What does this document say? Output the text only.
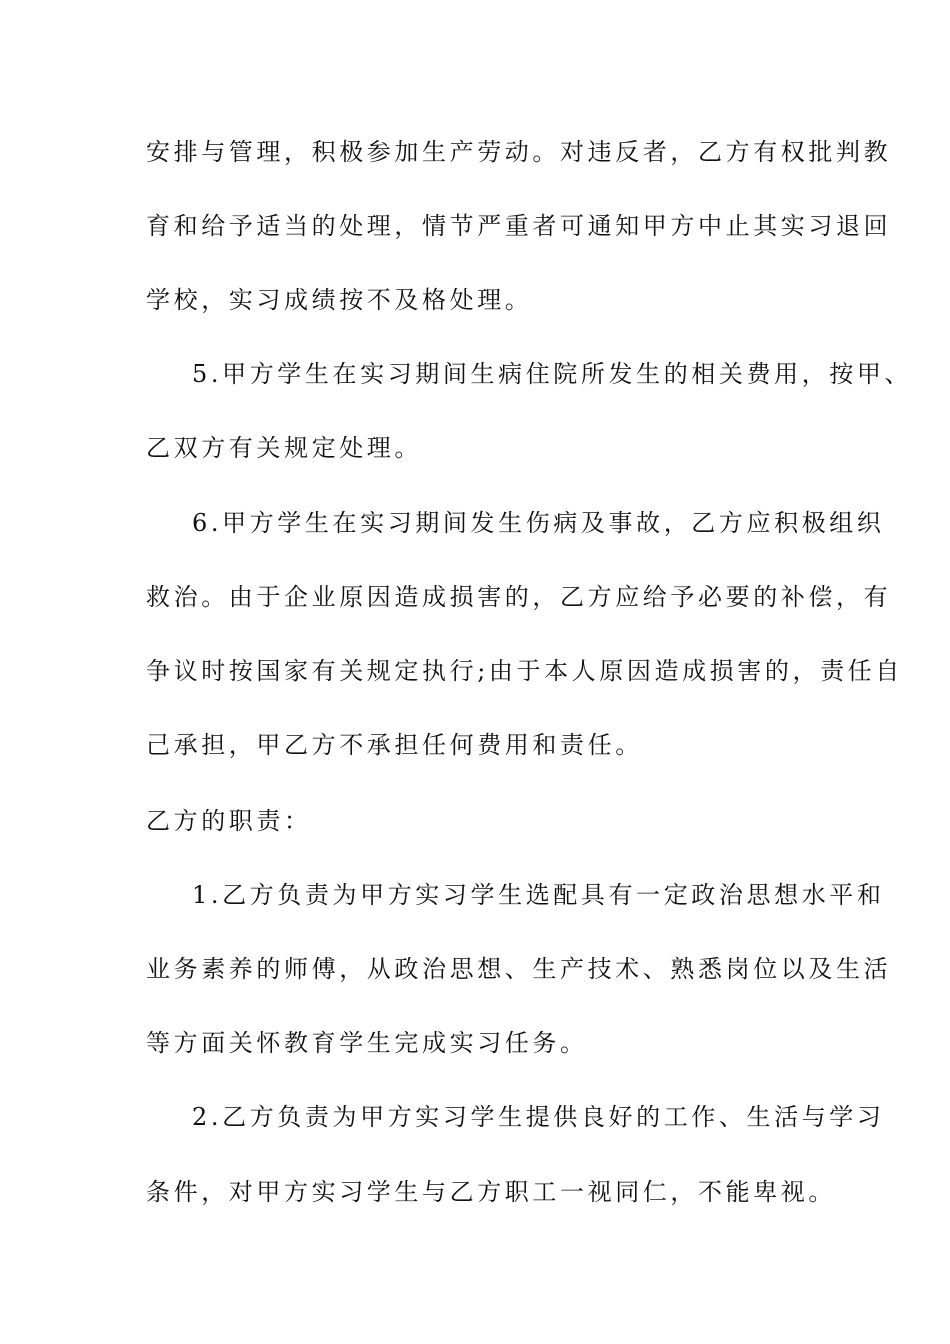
安排与管理，积极参加生产劳动。对违反者，乙方有权批判教
育和给予适当的处理，情节严重者可通知甲方中止其实习退回
学校，实习成绩按不及格处理。
5.甲方学生在实习期间生病住院所发生的相关费用，按甲、
乙双方有关规定处理。
6.甲方学生在实习期间发生伤病及事故，乙方应积极组织
救治。由于企业原因造成损害的，乙方应给予必要的补偿，有
争议时按国家有关规定执行;由于本人原因造成损害的，责任自
己承担，甲乙方不承担任何费用和责任。
乙方的职责：
1.乙方负责为甲方实习学生选配具有一定政治思想水平和
业务素养的师傅，从政治思想、生产技术、熟悉岗位以及生活
等方面关怀教育学生完成实习任务。
2.乙方负责为甲方实习学生提供良好的工作、生活与学习
条件，对甲方实习学生与乙方职工一视同仁，不能卑视。
